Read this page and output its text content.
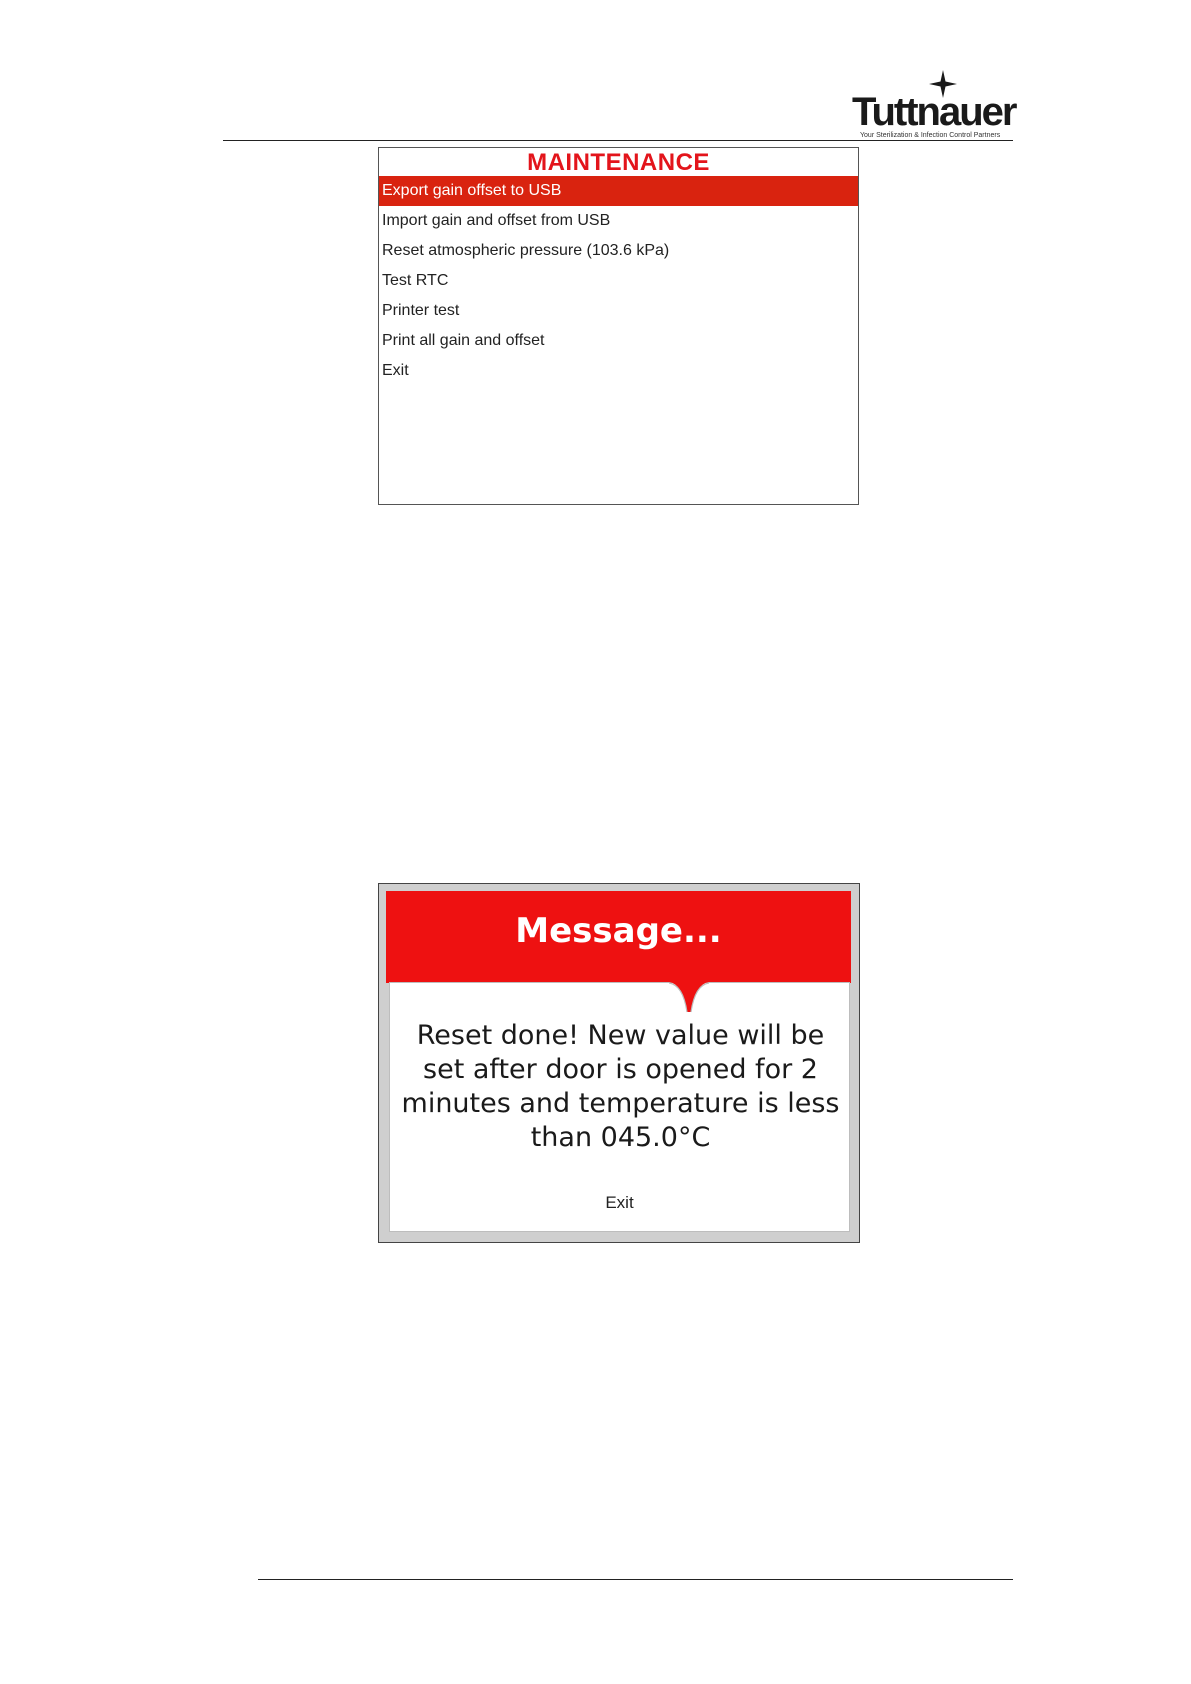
Tuttnauer
Your Sterilization & Infection Control Partners
MAINTENANCE
Export gain offset to USB
Import gain and offset from USB
Reset atmospheric pressure (103.6 kPa)
Test RTC
Printer test
Print all gain and offset
Exit
Message...
Reset done! New value will be set after door is opened for 2 minutes and temperature is less than 045.0°C
Exit
